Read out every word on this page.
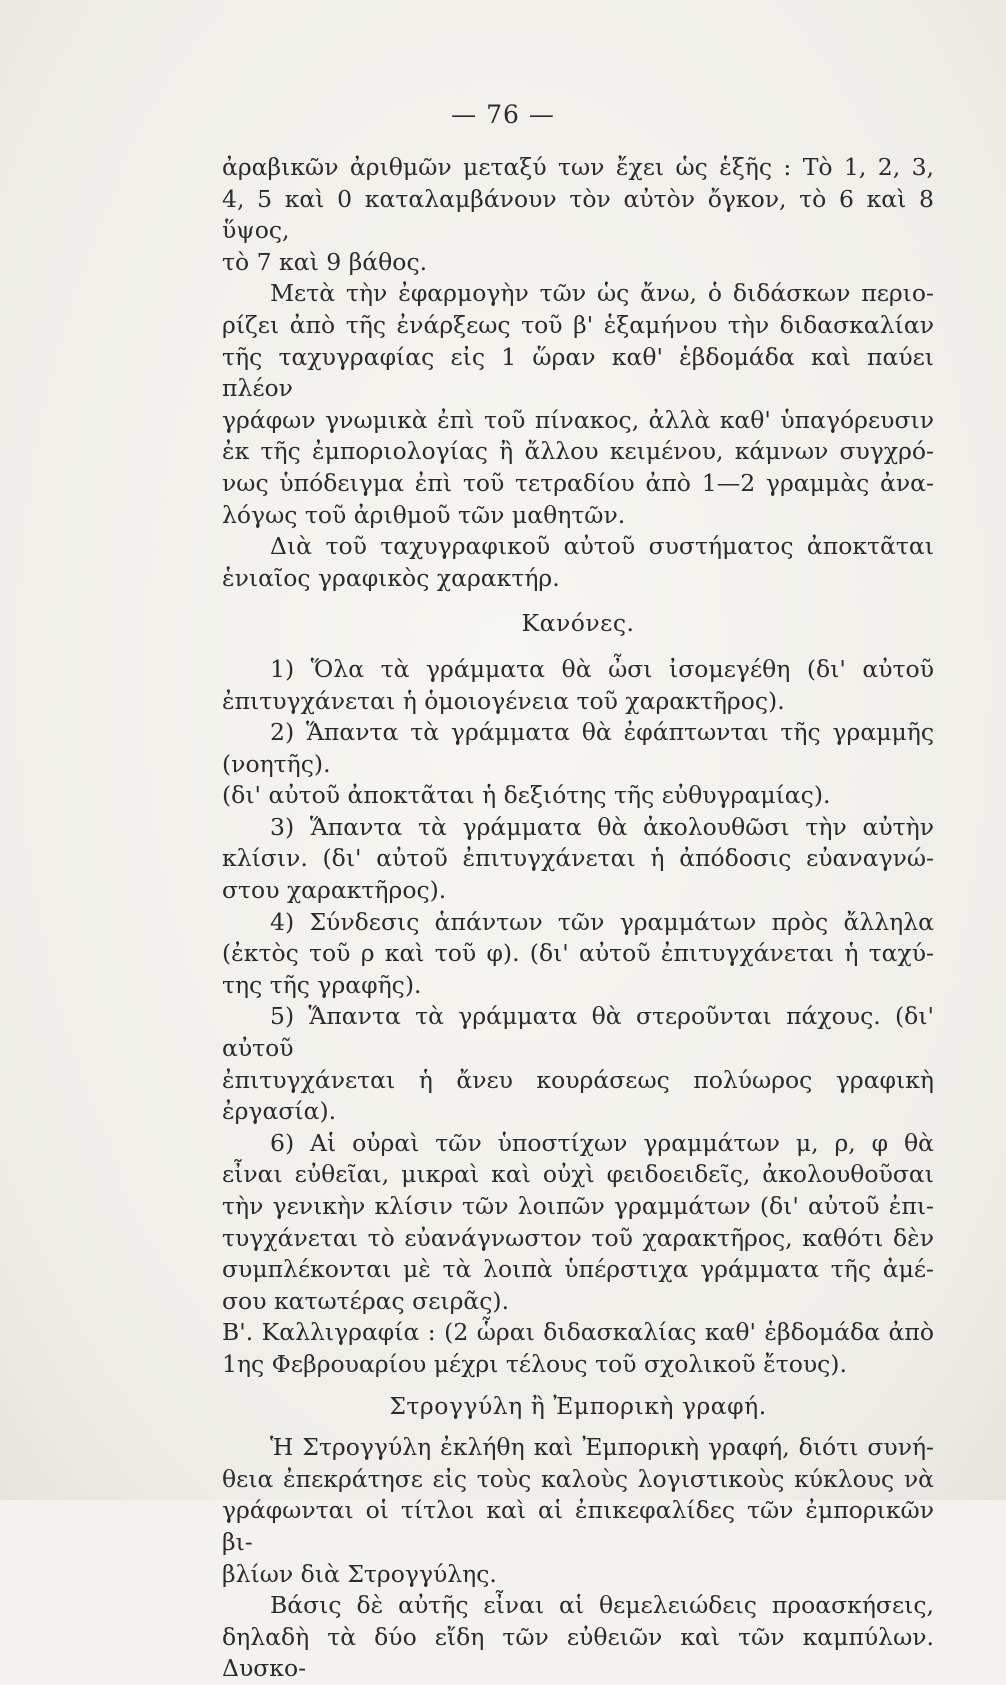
— 76 —

ἀραβικῶν ἀριθμῶν μεταξύ των ἔχει ὡς ἑξῆς : Τὸ 1, 2, 3,

4, 5 καὶ 0 καταλαμβάνουν τὸν αὐτὸν ὄγκον, τὸ 6 καὶ 8 ὕψος,

τὸ 7 καὶ 9 βάθος.

Μετὰ τὴν ἐφαρμογὴν τῶν ὡς ἄνω, ὁ διδάσκων περιο-

ρίζει ἀπὸ τῆς ἐνάρξεως τοῦ β' ἑξαμήνου τὴν διδασκαλίαν

τῆς ταχυγραφίας εἰς 1 ὥραν καθ' ἑβδομάδα καὶ παύει πλέον

γράφων γνωμικὰ ἐπὶ τοῦ πίνακος, ἀλλὰ καθ' ὑπαγόρευσιν

ἐκ τῆς ἐμποριολογίας ἢ ἄλλου κειμένου, κάμνων συγχρό-

νως ὑπόδειγμα ἐπὶ τοῦ τετραδίου ἀπὸ 1—2 γραμμὰς ἀνα-

λόγως τοῦ ἀριθμοῦ τῶν μαθητῶν.

Διὰ τοῦ ταχυγραφικοῦ αὐτοῦ συστήματος ἀποκτᾶται

ἑνιαῖος γραφικὸς χαρακτήρ.

Κανόνες.

1) Ὅλα τὰ γράμματα θὰ ὦσι ἰσομεγέθη (δι' αὐτοῦ

ἐπιτυγχάνεται ἡ ὁμοιογένεια τοῦ χαρακτῆρος).

2) Ἅπαντα τὰ γράμματα θὰ ἐφάπτωνται τῆς γραμμῆς

(νοητῆς).

(δι' αὐτοῦ ἀποκτᾶται ἡ δεξιότης τῆς εὐθυγραμίας).

3) Ἅπαντα τὰ γράμματα θὰ ἀκολουθῶσι τὴν αὐτὴν

κλίσιν. (δι' αὐτοῦ ἐπιτυγχάνεται ἡ ἀπόδοσις εὐαναγνώ-

στου χαρακτῆρος).

4) Σύνδεσις ἁπάντων τῶν γραμμάτων πρὸς ἄλληλα

(ἐκτὸς τοῦ ρ καὶ τοῦ φ). (δι' αὐτοῦ ἐπιτυγχάνεται ἡ ταχύ-

της τῆς γραφῆς).

5) Ἅπαντα τὰ γράμματα θὰ στεροῦνται πάχους. (δι' αὐτοῦ

ἐπιτυγχάνεται ἡ ἄνευ κουράσεως πολύωρος γραφικὴ ἐργασία).

6) Αἱ οὐραὶ τῶν ὑποστίχων γραμμάτων μ, ρ, φ θὰ

εἶναι εὐθεῖαι, μικραὶ καὶ οὐχὶ φειδοειδεῖς, ἀκολουθοῦσαι

τὴν γενικὴν κλίσιν τῶν λοιπῶν γραμμάτων (δι' αὐτοῦ ἐπι-

τυγχάνεται τὸ εὐανάγνωστον τοῦ χαρακτῆρος, καθότι δὲν

συμπλέκονται μὲ τὰ λοιπὰ ὑπέρστιχα γράμματα τῆς ἀμέ-

σου κατωτέρας σειρᾶς).

Β'. Καλλιγραφία : (2 ὧραι διδασκαλίας καθ' ἑβδομάδα ἀπὸ

1ης Φεβρουαρίου μέχρι τέλους τοῦ σχολικοῦ ἔτους).

Στρογγύλη ἢ Ἐμπορικὴ γραφή.

Ἡ Στρογγύλη ἐκλήθη καὶ Ἐμπορικὴ γραφή, διότι συνή-

θεια ἐπεκράτησε εἰς τοὺς καλοὺς λογιστικοὺς κύκλους νὰ

γράφωνται οἱ τίτλοι καὶ αἱ ἐπικεφαλίδες τῶν ἐμπορικῶν βι-

βλίων διὰ Στρογγύλης.

Βάσις δὲ αὐτῆς εἶναι αἱ θεμελειώδεις προασκήσεις,

δηλαδὴ τὰ δύο εἴδη τῶν εὐθειῶν καὶ τῶν καμπύλων. Δυσκο-
